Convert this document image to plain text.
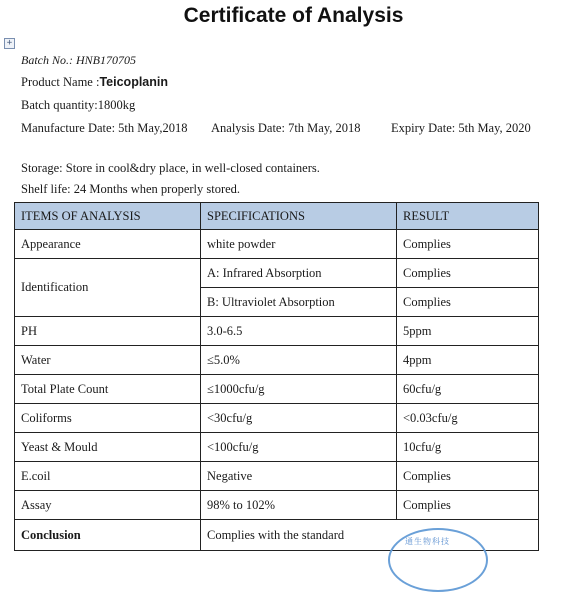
Certificate of Analysis
+
Batch No.: HNB170705
Product Name :Teicoplanin
Batch quantity:1800kg
Manufacture Date: 5th May,2018 Analysis Date: 7th May, 2018 Expiry Date: 5th May, 2020
Storage: Store in cool&dry place, in well-closed containers.
Shelf life: 24 Months when properly stored.
ITEMS OF ANALYSIS	SPECIFICATIONS	RESULT
Appearance	white powder	Complies
Identification	A: Infrared Absorption	Complies
	B: Ultraviolet Absorption	Complies
PH	3.0-6.5	5ppm
Water	≤5.0%	4ppm
Total Plate Count	≤1000cfu/g	60cfu/g
Coliforms	<30cfu/g	<0.03cfu/g
Yeast & Mould	<100cfu/g	10cfu/g
E.coil	Negative	Complies
Assay	98% to 102%	Complies
Conclusion	Complies with the standard		通生物科技
